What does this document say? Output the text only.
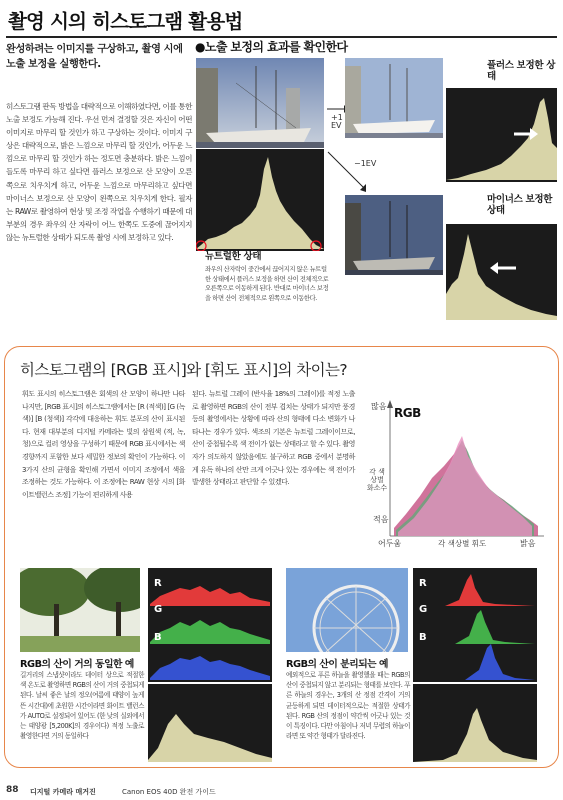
촬영 시의 히스토그램 활용법
완성하려는 이미지를 구상하고, 촬영 시에 노출 보정을 실행한다.
히스토그램 판독 방법을 대략적으로 이해하였다면, 이를 통한 노출 보정도 가능해 진다. 우선 먼저 결정할 것은 자신이 어떤 이미지로 마무리 할 것인가 하고 구상하는 것이다. 이미지 구상은 대략적으로, 밝은 느낌으로 마무리 할 것인가, 어두운 느낌으로 마무리 할 것인가 하는 정도면 충분하다. 밝은 느낌이 들도록 마무리 하고 싶다면 플러스 보정으로 산 모양이 오른쪽으로 치우치게 하고, 어두운 느낌으로 마무리하고 싶다면 마이너스 보정으로 산 모양이 왼쪽으로 치우치게 한다. 필자는 RAW로 촬영하여 현상 및 조정 작업을 수행하기 때문에 대부분의 경우 좌우의 산 자락이 어느 한쪽도 도중에 끊어지지 않는 뉴트럴한 상태가 되도록 촬영 시에 보정하고 있다.
●노출 보정의 효과를 확인한다
뉴트럴한 상태
좌우의 산자락이 중간에서 끊어지지 않은 뉴트럴 한 상태에서 플러스 보정을 하면 산이 전체적으로 오른쪽으로 이동하게 된다. 반대로 마이너스 보정을 하면 산이 전체적으로 왼쪽으로 이동한다.
+1 EV
−1EV
플러스 보정한 상태
마이너스 보정한 상태
히스토그램의 [RGB 표시]와 [휘도 표시]의 차이는?
휘도 표시의 히스토그램은 회색의 산 모양이 하나만 나타나지만, [RGB 표시]의 히스토그램에서는 [R (적색)] [G (녹색)] [B (청색)] 각각에 대응하는 휘도 분포의 산이 표시된다. 현재 대부분의 디지털 카메라는 빛의 삼원색 (적, 녹, 청)으로 컬러 영상을 구성하기 때문에 RGB 표시에서는 색 경향까지 포함한 보다 세밀한 정보의 확인이 가능하다. 이 3가지 산의 균형을 확인해 가면서 이미지 조정에서 색을 조정하는 것도 가능하다. 이 조정에는 RAW 현상 시의 [화이트밸런스 조정] 기능이 편리하게 사용
된다. 뉴트럴 그레이 (반사율 18%의 그레이)를 적정 노출로 촬영하면 RGB의 산이 전부 겹치는 상태가 되지만 풍경 등의 촬영에서는 상황에 따라 산의 형태에 다소 변화가 나타나는 경우가 있다. 색조의 기본은 뉴트럴 그레이이므로, 산이 중첩될수록 색 전이가 없는 상태라고 할 수 있다. 촬영자가 의도하지 않았음에도 불구하고 RGB 중에서 분명하게 유독 하나의 산만 크게 어긋나 있는 경우에는 색 전이가 발생한 상태라고 판단할 수 있겠다.
RGB
많음
적음
각 색상별 화소수
어두움	각 색상별 휘도	밝음
R
G
B
RGB의 산이 거의 동일한 예
길거리의 스냅샷이라도 데이터 상으로 적절한 색 온도로 촬영하면 RGB의 산이 거의 중첩되게 된다. 날씨 좋은 날의 정오(여름에 태양이 높게 뜬 시간대)에 초원한 시간이라면 화이트 밸런스가 AUTO로 설정되어 있어도 (한 낮의 실외에서는 태양광 [5,200K]의 경우이다) 적정 노출로 촬영한다면 거의 동일하다
R
G
B
RGB의 산이 분리되는 예
예외적으로 푸른 하늘을 촬영했을 때는 RGB의 산이 중첩되지 않고 분리되는 형태를 보인다. 푸른 하늘의 경우는, 3개의 산 정점 간격이 거의 균등하게 되면 데이터적으로는 적절한 상태가 된다. RGB 산의 정점이 약간씩 어긋나 있는 것이 특징이다. 다만 아침이나 저녁 무렵의 하늘이라면 또 약간 형태가 달라진다.
88 디지털 카메라 매거진	Canon EOS 40D 완전 가이드
